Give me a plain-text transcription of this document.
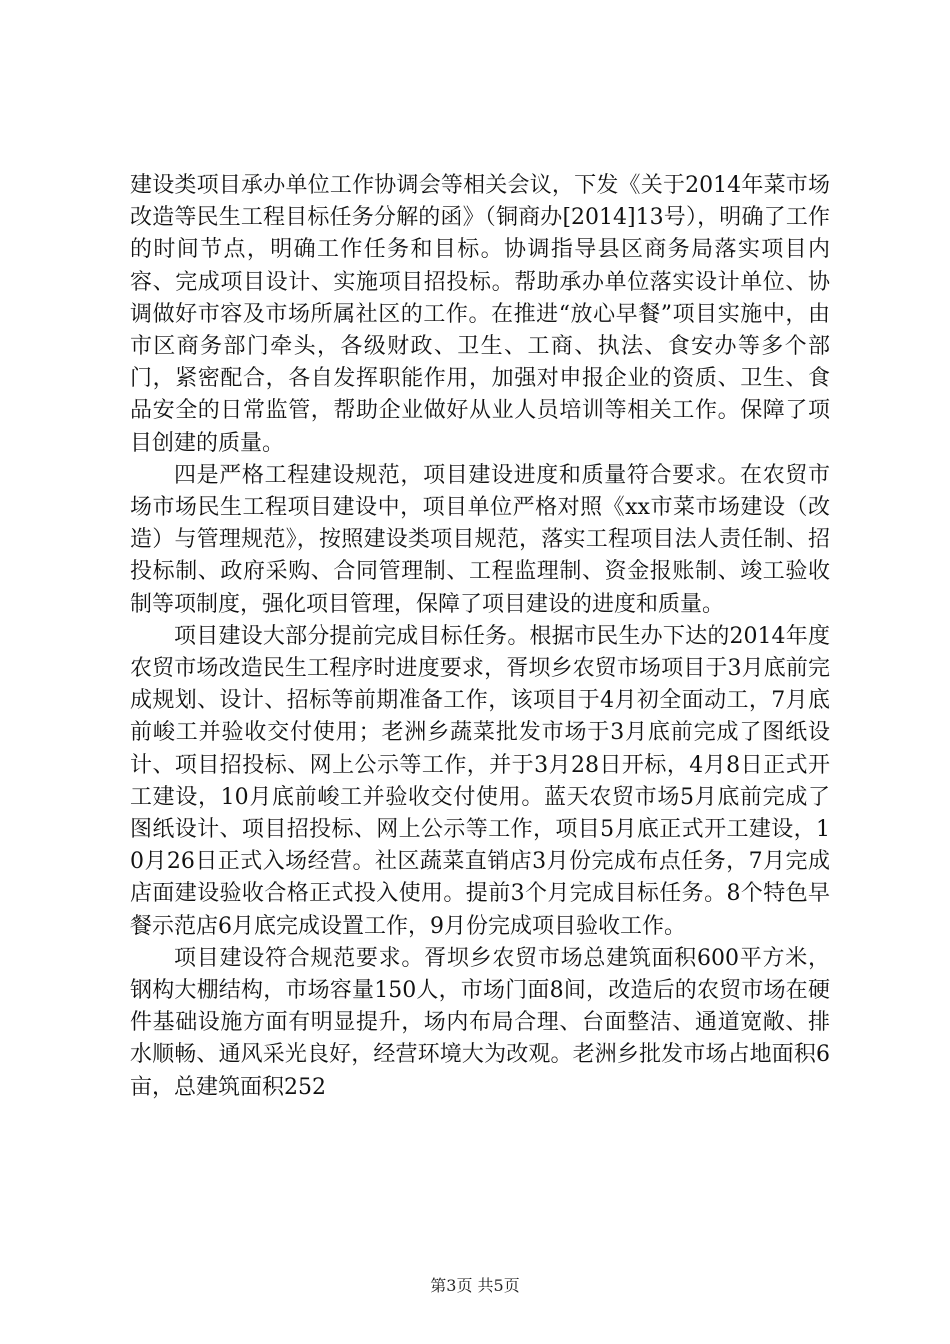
建设类项目承办单位工作协调会等相关会议，下发《关于2014年菜市场改造等民生工程目标任务分解的函》（铜商办[2014]13号），明确了工作的时间节点，明确工作任务和目标。协调指导县区商务局落实项目内容、完成项目设计、实施项目招投标。帮助承办单位落实设计单位、协调做好市容及市场所属社区的工作。在推进“放心早餐”项目实施中，由市区商务部门牵头，各级财政、卫生、工商、执法、食安办等多个部门，紧密配合，各自发挥职能作用，加强对申报企业的资质、卫生、食品安全的日常监管，帮助企业做好从业人员培训等相关工作。保障了项目创建的质量。

四是严格工程建设规范，项目建设进度和质量符合要求。在农贸市场市场民生工程项目建设中，项目单位严格对照《xx市菜市场建设（改造）与管理规范》，按照建设类项目规范，落实工程项目法人责任制、招投标制、政府采购、合同管理制、工程监理制、资金报账制、竣工验收制等项制度，强化项目管理，保障了项目建设的进度和质量。

项目建设大部分提前完成目标任务。根据市民生办下达的2014年度农贸市场改造民生工程序时进度要求，胥坝乡农贸市场项目于3月底前完成规划、设计、招标等前期准备工作，该项目于4月初全面动工，7月底前峻工并验收交付使用；老洲乡蔬菜批发市场于3月底前完成了图纸设计、项目招投标、网上公示等工作，并于3月28日开标，4月8日正式开工建设，10月底前峻工并验收交付使用。蓝天农贸市场5月底前完成了图纸设计、项目招投标、网上公示等工作，项目5月底正式开工建设，10月26日正式入场经营。社区蔬菜直销店3月份完成布点任务，7月完成店面建设验收合格正式投入使用。提前3个月完成目标任务。8个特色早餐示范店6月底完成设置工作，9月份完成项目验收工作。

项目建设符合规范要求。胥坝乡农贸市场总建筑面积600平方米，钢构大棚结构，市场容量150人，市场门面8间，改造后的农贸市场在硬件基础设施方面有明显提升，场内布局合理、台面整洁、通道宽敞、排水顺畅、通风采光良好，经营环境大为改观。老洲乡批发市场占地面积6亩，总建筑面积252

第3页 共5页
